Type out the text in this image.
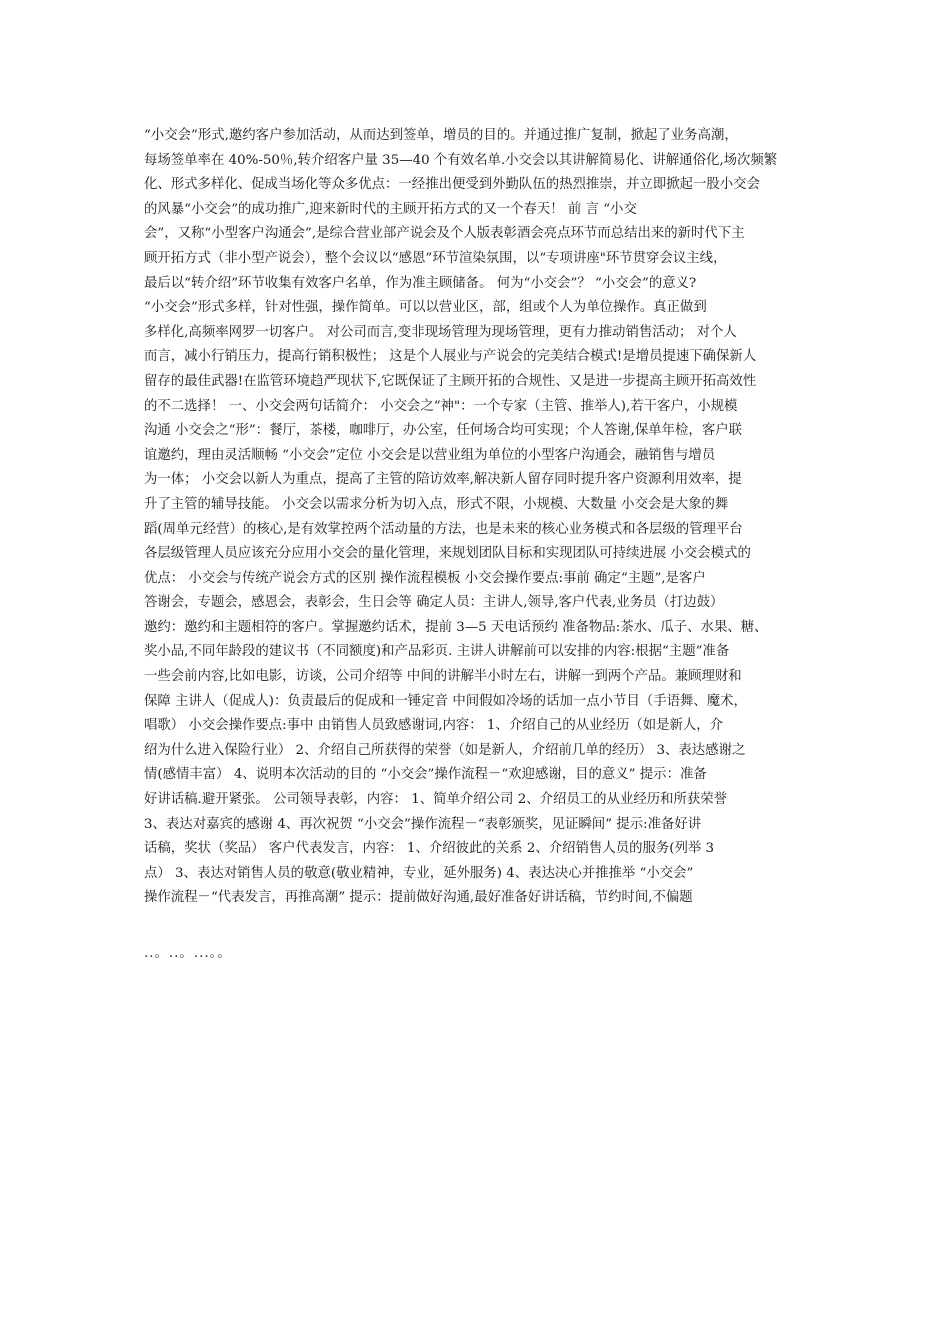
“小交会”形式,邀约客户参加活动，从而达到签单，增员的目的。并通过推广复制，掀起了业务高潮，
每场签单率在 40%-50％,转介绍客户量 35—40 个有效名单.小交会以其讲解简易化、讲解通俗化,场次频繁
化、形式多样化、促成当场化等众多优点：一经推出便受到外勤队伍的热烈推崇，并立即掀起一股小交会
的风暴“小交会”的成功推广,迎来新时代的主顾开拓方式的又一个春天！ 前 言 “小交
会”，又称“小型客户沟通会”,是综合营业部产说会及个人版表彰酒会亮点环节而总结出来的新时代下主
顾开拓方式（非小型产说会），整个会议以“感恩”环节渲染氛围，以“专项讲座"环节贯穿会议主线，
最后以“转介绍”环节收集有效客户名单，作为准主顾储备。 何为“小交会”？ “小交会”的意义?
“小交会”形式多样，针对性强，操作简单。可以以营业区，部，组或个人为单位操作。真正做到
多样化,高频率网罗一切客户。 对公司而言,变非现场管理为现场管理，更有力推动销售活动； 对个人
而言，减小行销压力，提高行销积极性； 这是个人展业与产说会的完美结合模式!是增员提速下确保新人
留存的最佳武器!在监管环境趋严现状下,它既保证了主顾开拓的合规性、又是进一步提高主顾开拓高效性
的不二选择！ 一、小交会两句话简介： 小交会之“神"：一个专家（主管、推举人),若干客户，小规模
沟通 小交会之“形”：餐厅，茶楼，咖啡厅，办公室，任何场合均可实现；个人答谢,保单年检，客户联
谊邀约，理由灵活顺畅 “小交会”定位 小交会是以营业组为单位的小型客户沟通会，融销售与增员
为一体； 小交会以新人为重点，提高了主管的陪访效率,解决新人留存同时提升客户资源利用效率，提
升了主管的辅导技能。 小交会以需求分析为切入点，形式不限，小规模、大数量 小交会是大象的舞
蹈(周单元经营）的核心,是有效掌控两个活动量的方法，也是未来的核心业务模式和各层级的管理平台
各层级管理人员应该充分应用小交会的量化管理，来规划团队目标和实现团队可持续进展 小交会模式的
优点： 小交会与传统产说会方式的区别 操作流程模板 小交会操作要点:事前 确定“主题”,是客户
答谢会，专题会，感恩会，表彰会，生日会等 确定人员：主讲人,领导,客户代表,业务员（打边鼓）
邀约：邀约和主题相符的客户。掌握邀约话术，提前 3—5 天电话预约 准备物品:茶水、瓜子、水果、糖、
奖小品,不同年龄段的建议书（不同额度)和产品彩页. 主讲人讲解前可以安排的内容:根据“主题”准备
一些会前内容,比如电影，访谈，公司介绍等 中间的讲解半小时左右，讲解一到两个产品。兼顾理财和
保障 主讲人（促成人)：负责最后的促成和一锤定音 中间假如冷场的话加一点小节目（手语舞、魔术，
唱歌） 小交会操作要点:事中 由销售人员致感谢词,内容： 1、介绍自己的从业经历（如是新人，介
绍为什么进入保险行业） 2、介绍自己所获得的荣誉（如是新人，介绍前几单的经历） 3、表达感谢之
情(感情丰富） 4、说明本次活动的目的 “小交会”操作流程－“欢迎感谢，目的意义” 提示：准备
好讲话稿.避开紧张。 公司领导表彰，内容： 1、简单介绍公司 2、介绍员工的从业经历和所获荣誉
3、表达对嘉宾的感谢 4、再次祝贺 “小交会”操作流程－“表彰颁奖，见证瞬间” 提示:准备好讲
话稿，奖状（奖品） 客户代表发言，内容： 1、介绍彼此的关系 2、介绍销售人员的服务(列举 3
点） 3、表达对销售人员的敬意(敬业精神，专业，延外服务) 4、表达决心并推推举 “小交会”
操作流程－“代表发言，再推高潮” 提示：提前做好沟通,最好准备好讲话稿，节约时间,不偏题
..。..。...。。
